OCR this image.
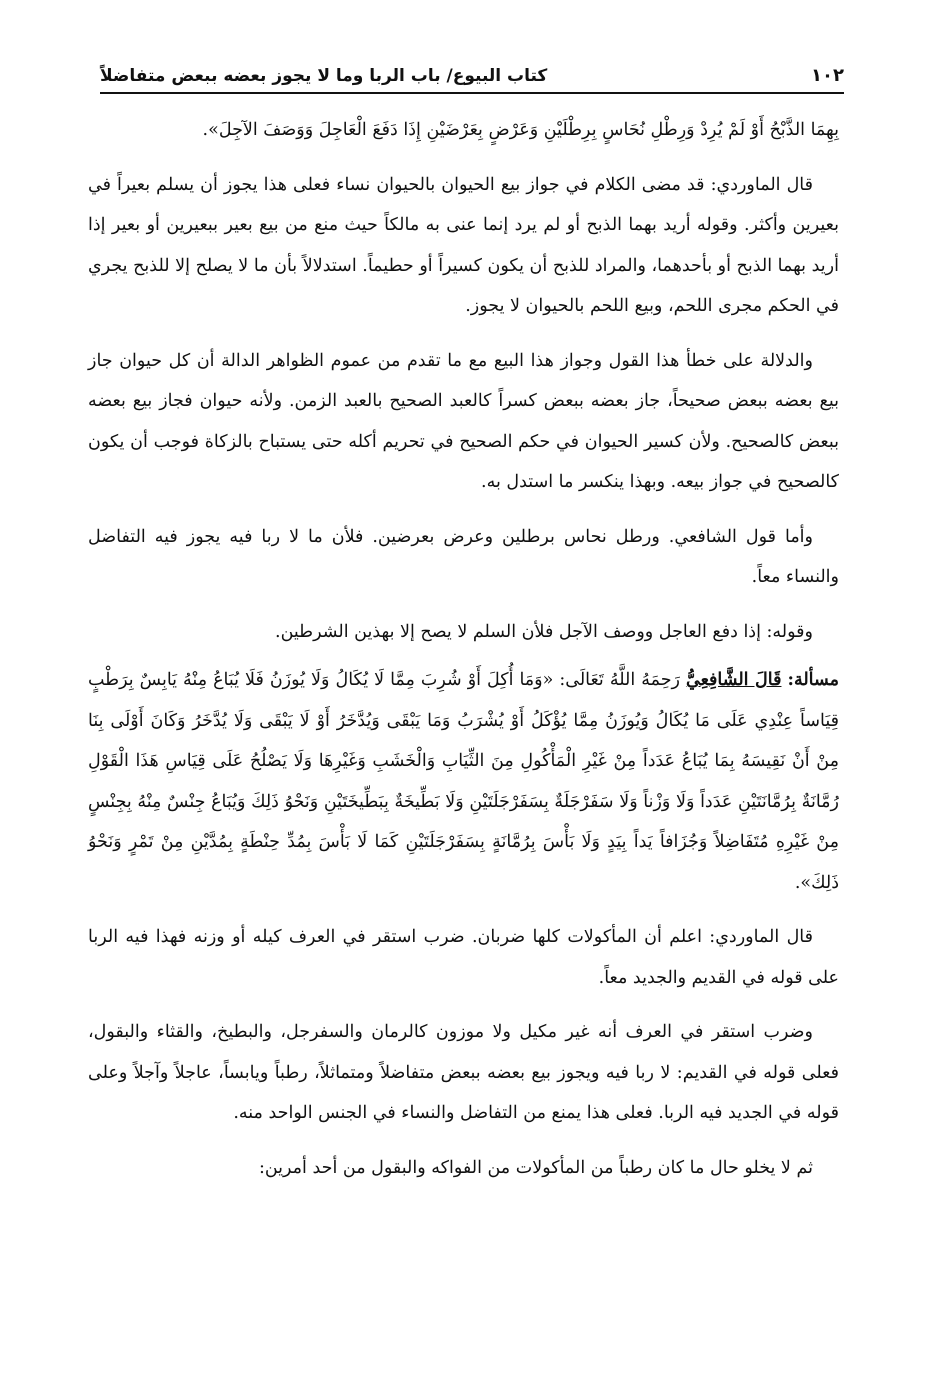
١٠٢
كتاب البيوع/ باب الربا وما لا يجوز بعضه ببعض متفاضلاً

بِهِمَا الذَّبْحُ أَوْ لَمْ يُرِدْ وَرِطْلِ نُحَاسٍ بِرِطْلَيْنِ وَعَرْضٍ بِعَرْضَيْنِ إِذَا دَفَعَ الْعَاجِلَ وَوَصَفَ الآجِلَ».

قال الماوردي: قد مضى الكلام في جواز بيع الحيوان بالحيوان نساء فعلى هذا يجوز أن يسلم بعيراً في بعيرين وأكثر. وقوله أريد بهما الذبح أو لم يرد إنما عنى به مالكاً حيث منع من بيع بعير ببعيرين أو بعير إذا أريد بهما الذبح أو بأحدهما، والمراد للذبح أن يكون كسيراً أو حطيماً. استدلالاً بأن ما لا يصلح إلا للذبح يجري في الحكم مجرى اللحم، وبيع اللحم بالحيوان لا يجوز.

والدلالة على خطأ هذا القول وجواز هذا البيع مع ما تقدم من عموم الظواهر الدالة أن كل حيوان جاز بيع بعضه ببعض صحيحاً، جاز بعضه ببعض كسراً كالعبد الصحيح بالعبد الزمن. ولأنه حيوان فجاز بيع بعضه ببعض كالصحيح. ولأن كسير الحيوان في حكم الصحيح في تحريم أكله حتى يستباح بالزكاة فوجب أن يكون كالصحيح في جواز بيعه. وبهذا ينكسر ما استدل به.

وأما قول الشافعي. ورطل نحاس برطلين وعرض بعرضين. فلأن ما لا ربا فيه يجوز فيه التفاضل والنساء معاً.

وقوله: إذا دفع العاجل ووصف الآجل فلأن السلم لا يصح إلا بهذين الشرطين.

مسألة: قَالَ الشَّافِعِيُّ رَحِمَهُ اللَّهُ تَعَالَى: «وَمَا أُكِلَ أَوْ شُرِبَ مِمَّا لَا يُكَالُ وَلَا يُوزَنُ فَلَا يُبَاعُ مِنْهُ يَابِسٌ بِرَطْبٍ قِيَاساً عِنْدِي عَلَى مَا يُكَالُ وَيُوزَنُ مِمَّا يُؤْكَلُ أَوْ يُشْرَبُ وَمَا يَبْقَى وَيُدَّخَرُ أَوْ لَا يَبْقَى وَلَا يُدَّخَرُ وَكَانَ أَوْلَى بِنَا مِنْ أَنْ نَقِيسَهُ بِمَا يُبَاعُ عَدَداً مِنْ غَيْرِ الْمَأْكُولِ مِنَ الثِّيَابِ وَالْخَشَبِ وَغَيْرِهَا وَلَا يَصْلُحُ عَلَى قِيَاسِ هَذَا الْقَوْلِ رُمَّانَةٌ بِرُمَّانَتَيْنِ عَدَداً وَلَا وَزْناً وَلَا سَفَرْجَلَةٌ بِسَفَرْجَلَتَيْنِ وَلَا بَطِّيخَةٌ بِبَطِّيخَتَيْنِ وَنَحْوُ ذَلِكَ وَيُبَاعُ جِنْسٌ مِنْهُ بِجِنْسٍ مِنْ غَيْرِهِ مُتَفَاضِلاً وَجُزَافاً يَداً بِيَدٍ وَلَا بَأْسَ بِرُمَّانَةٍ بِسَفَرْجَلَتَيْنِ كَمَا لَا بَأْسَ بِمُدِّ حِنْطَةٍ بِمُدَّيْنِ مِنْ تَمْرٍ وَنَحْوُ ذَلِكَ».

قال الماوردي: اعلم أن المأكولات كلها ضربان. ضرب استقر في العرف كيله أو وزنه فهذا فيه الربا على قوله في القديم والجديد معاً.

وضرب استقر في العرف أنه غير مكيل ولا موزون كالرمان والسفرجل، والبطيخ، والقثاء والبقول، فعلى قوله في القديم: لا ربا فيه ويجوز بيع بعضه ببعض متفاضلاً ومتماثلاً، رطباً ويابساً، عاجلاً وآجلاً وعلى قوله في الجديد فيه الربا. فعلى هذا يمنع من التفاضل والنساء في الجنس الواحد منه.

ثم لا يخلو حال ما كان رطباً من المأكولات من الفواكه والبقول من أحد أمرين:
